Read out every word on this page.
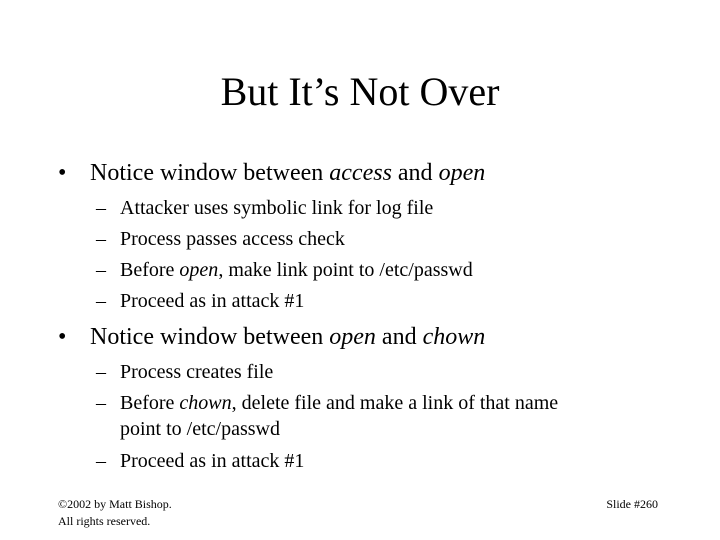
But It’s Not Over
• Notice window between access and open
– Attacker uses symbolic link for log file
– Process passes access check
– Before open, make link point to /etc/passwd
– Proceed as in attack #1
• Notice window between open and chown
– Process creates file
– Before chown, delete file and make a link of that name
point to /etc/passwd
– Proceed as in attack #1
©2002 by Matt Bishop.
All rights reserved.
Slide #260
